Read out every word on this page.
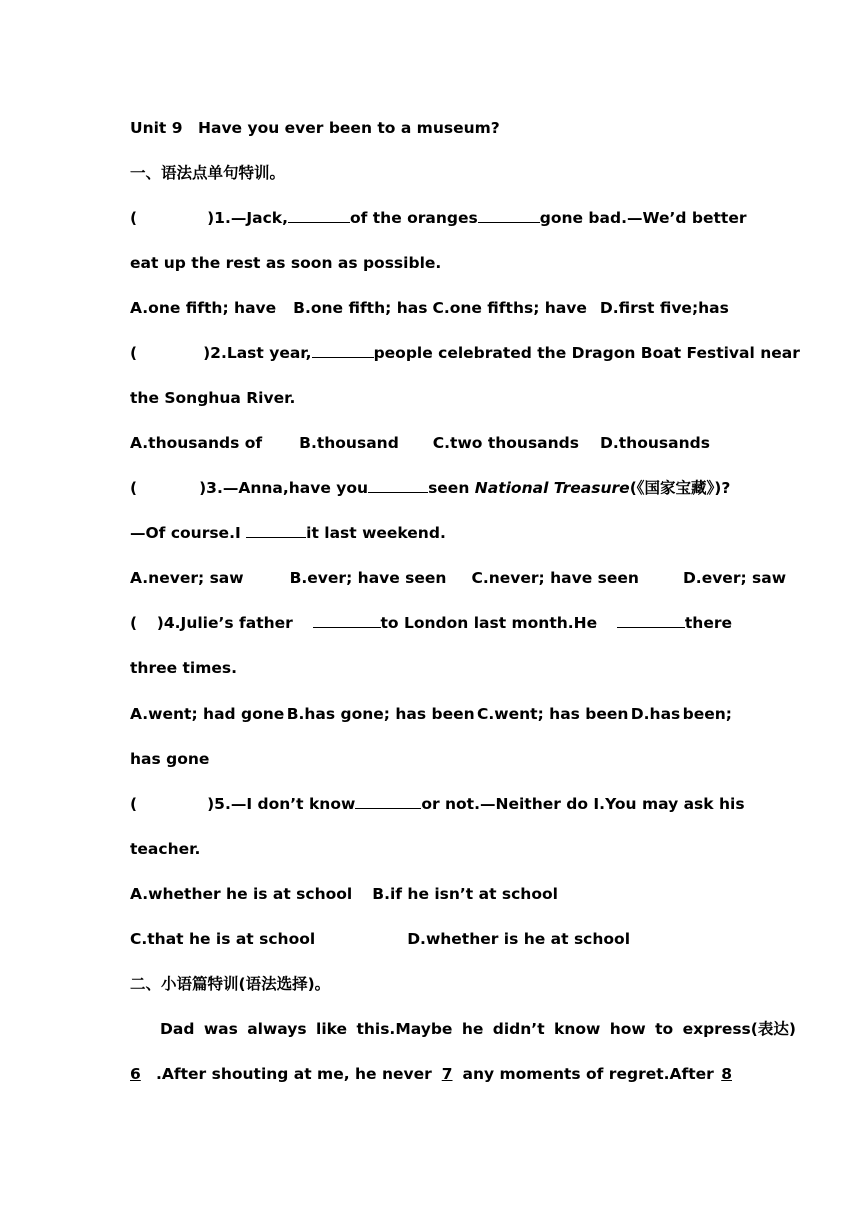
Unit 9　Have you ever been to a museum?
一、语法点单句特训。
(	)1.—Jack,	of the oranges	gone bad. —We’d better
eat up the rest as soon as possible.
A.one fifth; have B.one fifth; has C.one fifths; have D.first five;has
(	)2.Last year,	people celebrated the Dragon Boat Festival near
the Songhua River.
A.thousands of B.thousand C.two thousands D.thousands
(	)3.—Anna,have you	seen National Treasure(《国家宝藏》)?
—Of course.I	it last weekend.
A.never; saw	B.ever; have seen C.never; have seen	D.ever; saw
( )4.Julie’s father	to London last month.He	there
three times.
A.went; had gone B.has gone; has been C.went; has been D.has been;
has gone
(	)5.—I don’t know	or not. —Neither do I.You may ask his
teacher.
A.whether he is at school B.if he isn’t at school
C.that he is at school	D.whether is he at school
二、小语篇特训(语法选择)。
Dad was always like this.Maybe he didn’t know how to express(表达)
6 .After shouting at me, he never 7 any moments of regret.After 8
